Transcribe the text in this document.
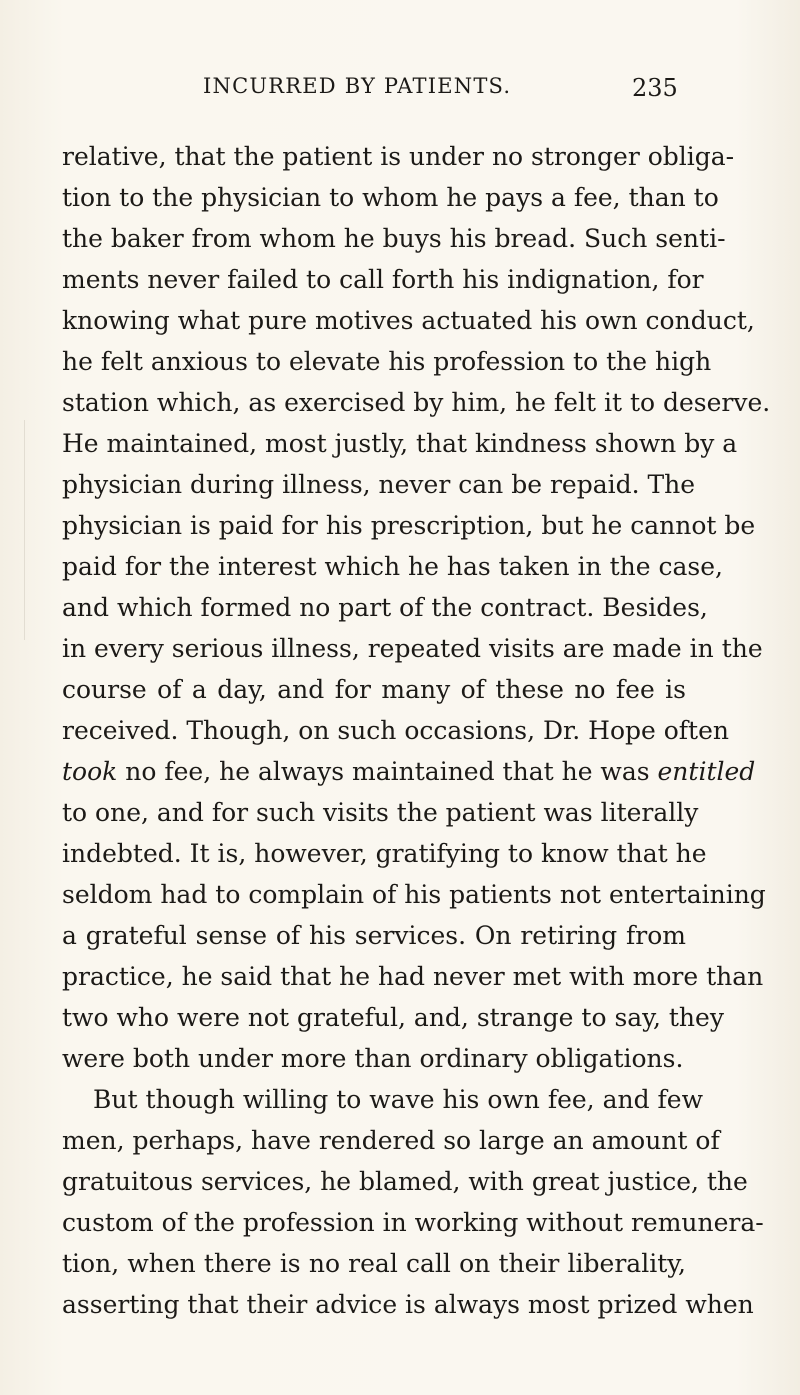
INCURRED BY PATIENTS.	235
relative, that the patient is under no stronger obliga-
tion to the physician to whom he pays a fee, than to
the baker from whom he buys his bread. Such senti-
ments never failed to call forth his indignation, for
knowing what pure motives actuated his own conduct,
he felt anxious to elevate his profession to the high
station which, as exercised by him, he felt it to deserve.
He maintained, most justly, that kindness shown by a
physician during illness, never can be repaid. The
physician is paid for his prescription, but he cannot be
paid for the interest which he has taken in the case,
and which formed no part of the contract. Besides,
in every serious illness, repeated visits are made in the
course of a day, and for many of these no fee is
received. Though, on such occasions, Dr. Hope often
took no fee, he always maintained that he was entitled
to one, and for such visits the patient was literally
indebted. It is, however, gratifying to know that he
seldom had to complain of his patients not entertaining
a grateful sense of his services. On retiring from
practice, he said that he had never met with more than
two who were not grateful, and, strange to say, they
were both under more than ordinary obligations.
But though willing to wave his own fee, and few
men, perhaps, have rendered so large an amount of
gratuitous services, he blamed, with great justice, the
custom of the profession in working without remunera-
tion, when there is no real call on their liberality,
asserting that their advice is always most prized when
